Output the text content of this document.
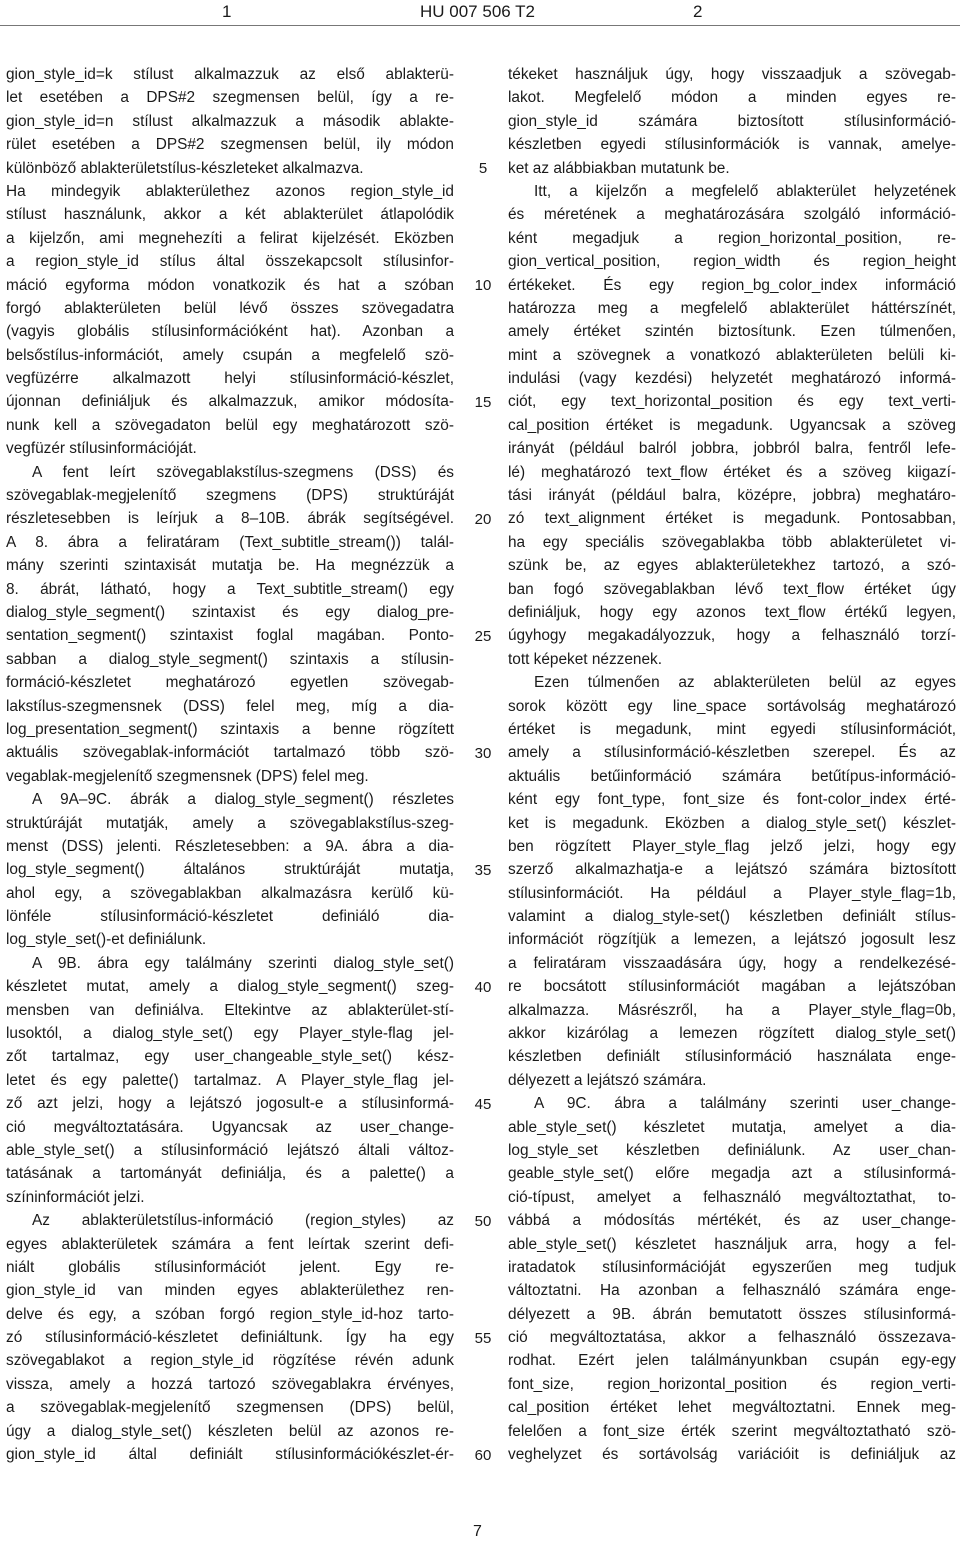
1	HU 007 506 T2	2
gion_style_id=k stílust alkalmazzuk az első ablakterü-
let esetében a DPS#2 szegmensen belül, így a re-
gion_style_id=n stílust alkalmazzuk a második ablakte-
rület esetében a DPS#2 szegmensen belül, ily módon
különböző ablakterületstílus-készleteket alkalmazva.
Ha mindegyik ablakterülethez azonos region_style_id
stílust használunk, akkor a két ablakterület átlapolódik
a kijelzőn, ami megnehezíti a felirat kijelzését. Eközben
a region_style_id stílus által összekapcsolt stílusinfor-
máció egyforma módon vonatkozik és hat a szóban
forgó ablakterületen belül lévő összes szövegadatra
(vagyis globális stílusinformációként hat). Azonban a
belsőstílus-információt, amely csupán a megfelelő szö-
vegfüzérre alkalmazott helyi stílusinformáció-készlet,
újonnan definiáljuk és alkalmazzuk, amikor módosíta-
nunk kell a szövegadaton belül egy meghatározott szö-
vegfüzér stílusinformációját.
A fent leírt szövegablakstílus-szegmens (DSS) és
szövegablak-megjelenítő szegmens (DPS) struktúráját
részletesebben is leírjuk a 8–10B. ábrák segítségével.
A 8. ábra a feliratáram (Text_subtitle_stream()) talál-
mány szerinti szintaxisát mutatja be. Ha megnézzük a
8. ábrát, látható, hogy a Text_subtitle_stream() egy
dialog_style_segment() szintaxist és egy dialog_pre-
sentation_segment() szintaxist foglal magában. Ponto-
sabban a dialog_style_segment() szintaxis a stílusin-
formáció-készletet meghatározó egyetlen szövegab-
lakstílus-szegmensnek (DSS) felel meg, míg a dia-
log_presentation_segment() szintaxis a benne rögzített
aktuális szövegablak-információt tartalmazó több szö-
vegablak-megjelenítő szegmensnek (DPS) felel meg.
A 9A–9C. ábrák a dialog_style_segment() részletes
struktúráját mutatják, amely a szövegablakstílus-szeg-
menst (DSS) jelenti. Részletesebben: a 9A. ábra a dia-
log_style_segment() általános struktúráját mutatja,
ahol egy, a szövegablakban alkalmazásra kerülő kü-
lönféle stílusinformáció-készletet definiáló dia-
log_style_set()-et definiálunk.
A 9B. ábra egy találmány szerinti dialog_style_set()
készletet mutat, amely a dialog_style_segment() szeg-
mensben van definiálva. Eltekintve az ablakterület-stí-
lusoktól, a dialog_style_set() egy Player_style-flag jel-
zőt tartalmaz, egy user_changeable_style_set() kész-
letet és egy palette() tartalmaz. A Player_style_flag jel-
ző azt jelzi, hogy a lejátszó jogosult-e a stílusinformá-
ció megváltoztatására. Ugyancsak az user_change-
able_style_set() a stílusinformáció lejátszó általi változ-
tatásának a tartományát definiálja, és a palette() a
színinformációt jelzi.
Az ablakterületstílus-információ (region_styles) az
egyes ablakterületek számára a fent leírtak szerint defi-
niált globális stílusinformációt jelent. Egy re-
gion_style_id van minden egyes ablakterülethez ren-
delve és egy, a szóban forgó region_style_id-hoz tarto-
zó stílusinformáció-készletet definiáltunk. Így ha egy
szövegablakot a region_style_id rögzítése révén adunk
vissza, amely a hozzá tartozó szövegablakra érvényes,
a szövegablak-megjelenítő szegmensen (DPS) belül,
úgy a dialog_style_set() készleten belül az azonos re-
gion_style_id által definiált stílusinformációkészlet-ér-
tékeket használjuk úgy, hogy visszaadjuk a szövegab-
lakot. Megfelelő módon a minden egyes re-
gion_style_id számára biztosított stílusinformáció-
készletben egyedi stílusinformációk is vannak, amelye-
ket az alábbiakban mutatunk be.
Itt, a kijelzőn a megfelelő ablakterület helyzetének
és méretének a meghatározására szolgáló információ-
ként megadjuk a region_horizontal_position, re-
gion_vertical_position, region_width és region_height
értékeket. És egy region_bg_color_index információ
határozza meg a megfelelő ablakterület háttérszínét,
amely értéket szintén biztosítunk. Ezen túlmenően,
mint a szövegnek a vonatkozó ablakterületen belüli ki-
indulási (vagy kezdési) helyzetét meghatározó informá-
ciót, egy text_horizontal_position és egy text_verti-
cal_position értéket is megadunk. Ugyancsak a szöveg
irányát (például balról jobbra, jobbról balra, fentről lefe-
lé) meghatározó text_flow értéket és a szöveg kiigazí-
tási irányát (például balra, középre, jobbra) meghatáro-
zó text_alignment értéket is megadunk. Pontosabban,
ha egy speciális szövegablakba több ablakterületet vi-
szünk be, az egyes ablakterületekhez tartozó, a szó-
ban fogó szövegablakban lévő text_flow értéket úgy
definiáljuk, hogy egy azonos text_flow értékű legyen,
úgyhogy megakadályozzuk, hogy a felhasználó torzí-
tott képeket nézzenek.
Ezen túlmenően az ablakterületen belül az egyes
sorok között egy line_space sortávolság meghatározó
értéket is megadunk, mint egyedi stílusinformációt,
amely a stílusinformáció-készletben szerepel. És az
aktuális betűinformáció számára betűtípus-információ-
ként egy font_type, font_size és font-color_index érté-
ket is megadunk. Eközben a dialog_style_set() készlet-
ben rögzített Player_style_flag jelző jelzi, hogy egy
szerző alkalmazhatja-e a lejátszó számára biztosított
stílusinformációt. Ha például a Player_style_flag=1b,
valamint a dialog_style-set() készletben definiált stílus-
információt rögzítjük a lemezen, a lejátszó jogosult lesz
a feliratáram visszaadására úgy, hogy a rendelkezésé-
re bocsátott stílusinformációt magában a lejátszóban
alkalmazza. Másrészről, ha a Player_style_flag=0b,
akkor kizárólag a lemezen rögzített dialog_style_set()
készletben definiált stílusinformáció használata enge-
délyezett a lejátszó számára.
A 9C. ábra a találmány szerinti user_change-
able_style_set() készletet mutatja, amelyet a dia-
log_style_set készletben definiálunk. Az user_chan-
geable_style_set() előre megadja azt a stílusinformá-
ció-típust, amelyet a felhasználó megváltoztathat, to-
vábbá a módosítás mértékét, és az user_change-
able_style_set() készletet használjuk arra, hogy a fel-
iratadatok stílusinformációját egyszerűen meg tudjuk
változtatni. Ha azonban a felhasználó számára enge-
délyezett a 9B. ábrán bemutatott összes stílusinformá-
ció megváltoztatása, akkor a felhasználó összezava-
rodhat. Ezért jelen találmányunkban csupán egy-egy
font_size, region_horizontal_position és region_verti-
cal_position értéket lehet megváltoztatni. Ennek meg-
felelően a font_size érték szerint megváltoztatható szö-
veghelyzet és sortávolság variációit is definiáljuk az
5
10
15
20
25
30
35
40
45
50
55
60
7
